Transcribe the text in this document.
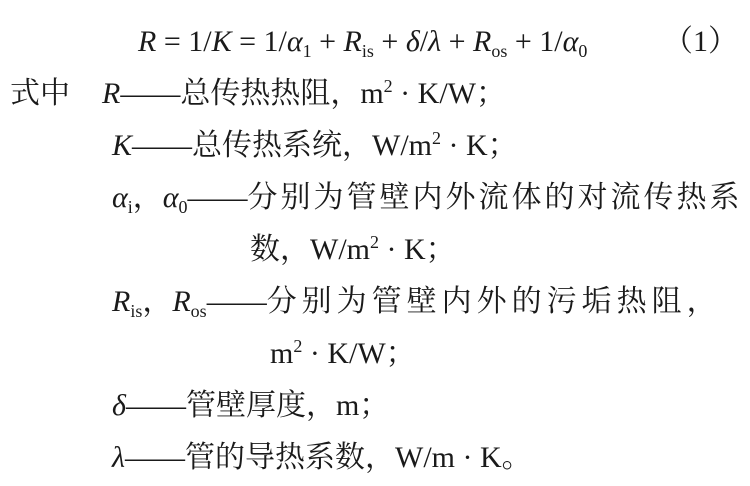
R = 1/K = 1/α1 + Ris + δ/λ + Ros + 1/α0	（1）
式中 R——总传热热阻，$m^2 \cdot K/W$；
K——总传热系统，$W/m^2 \cdot K$；
αi，α0——分别为管壁内外流体的对流传热系
数，$W/m^2 \cdot K$；
Ris，Ros——分别为管壁内外的污垢热阻，
$m^2 \cdot K/W$；
δ——管壁厚度，m；
λ——管的导热系数，W/m · K。
